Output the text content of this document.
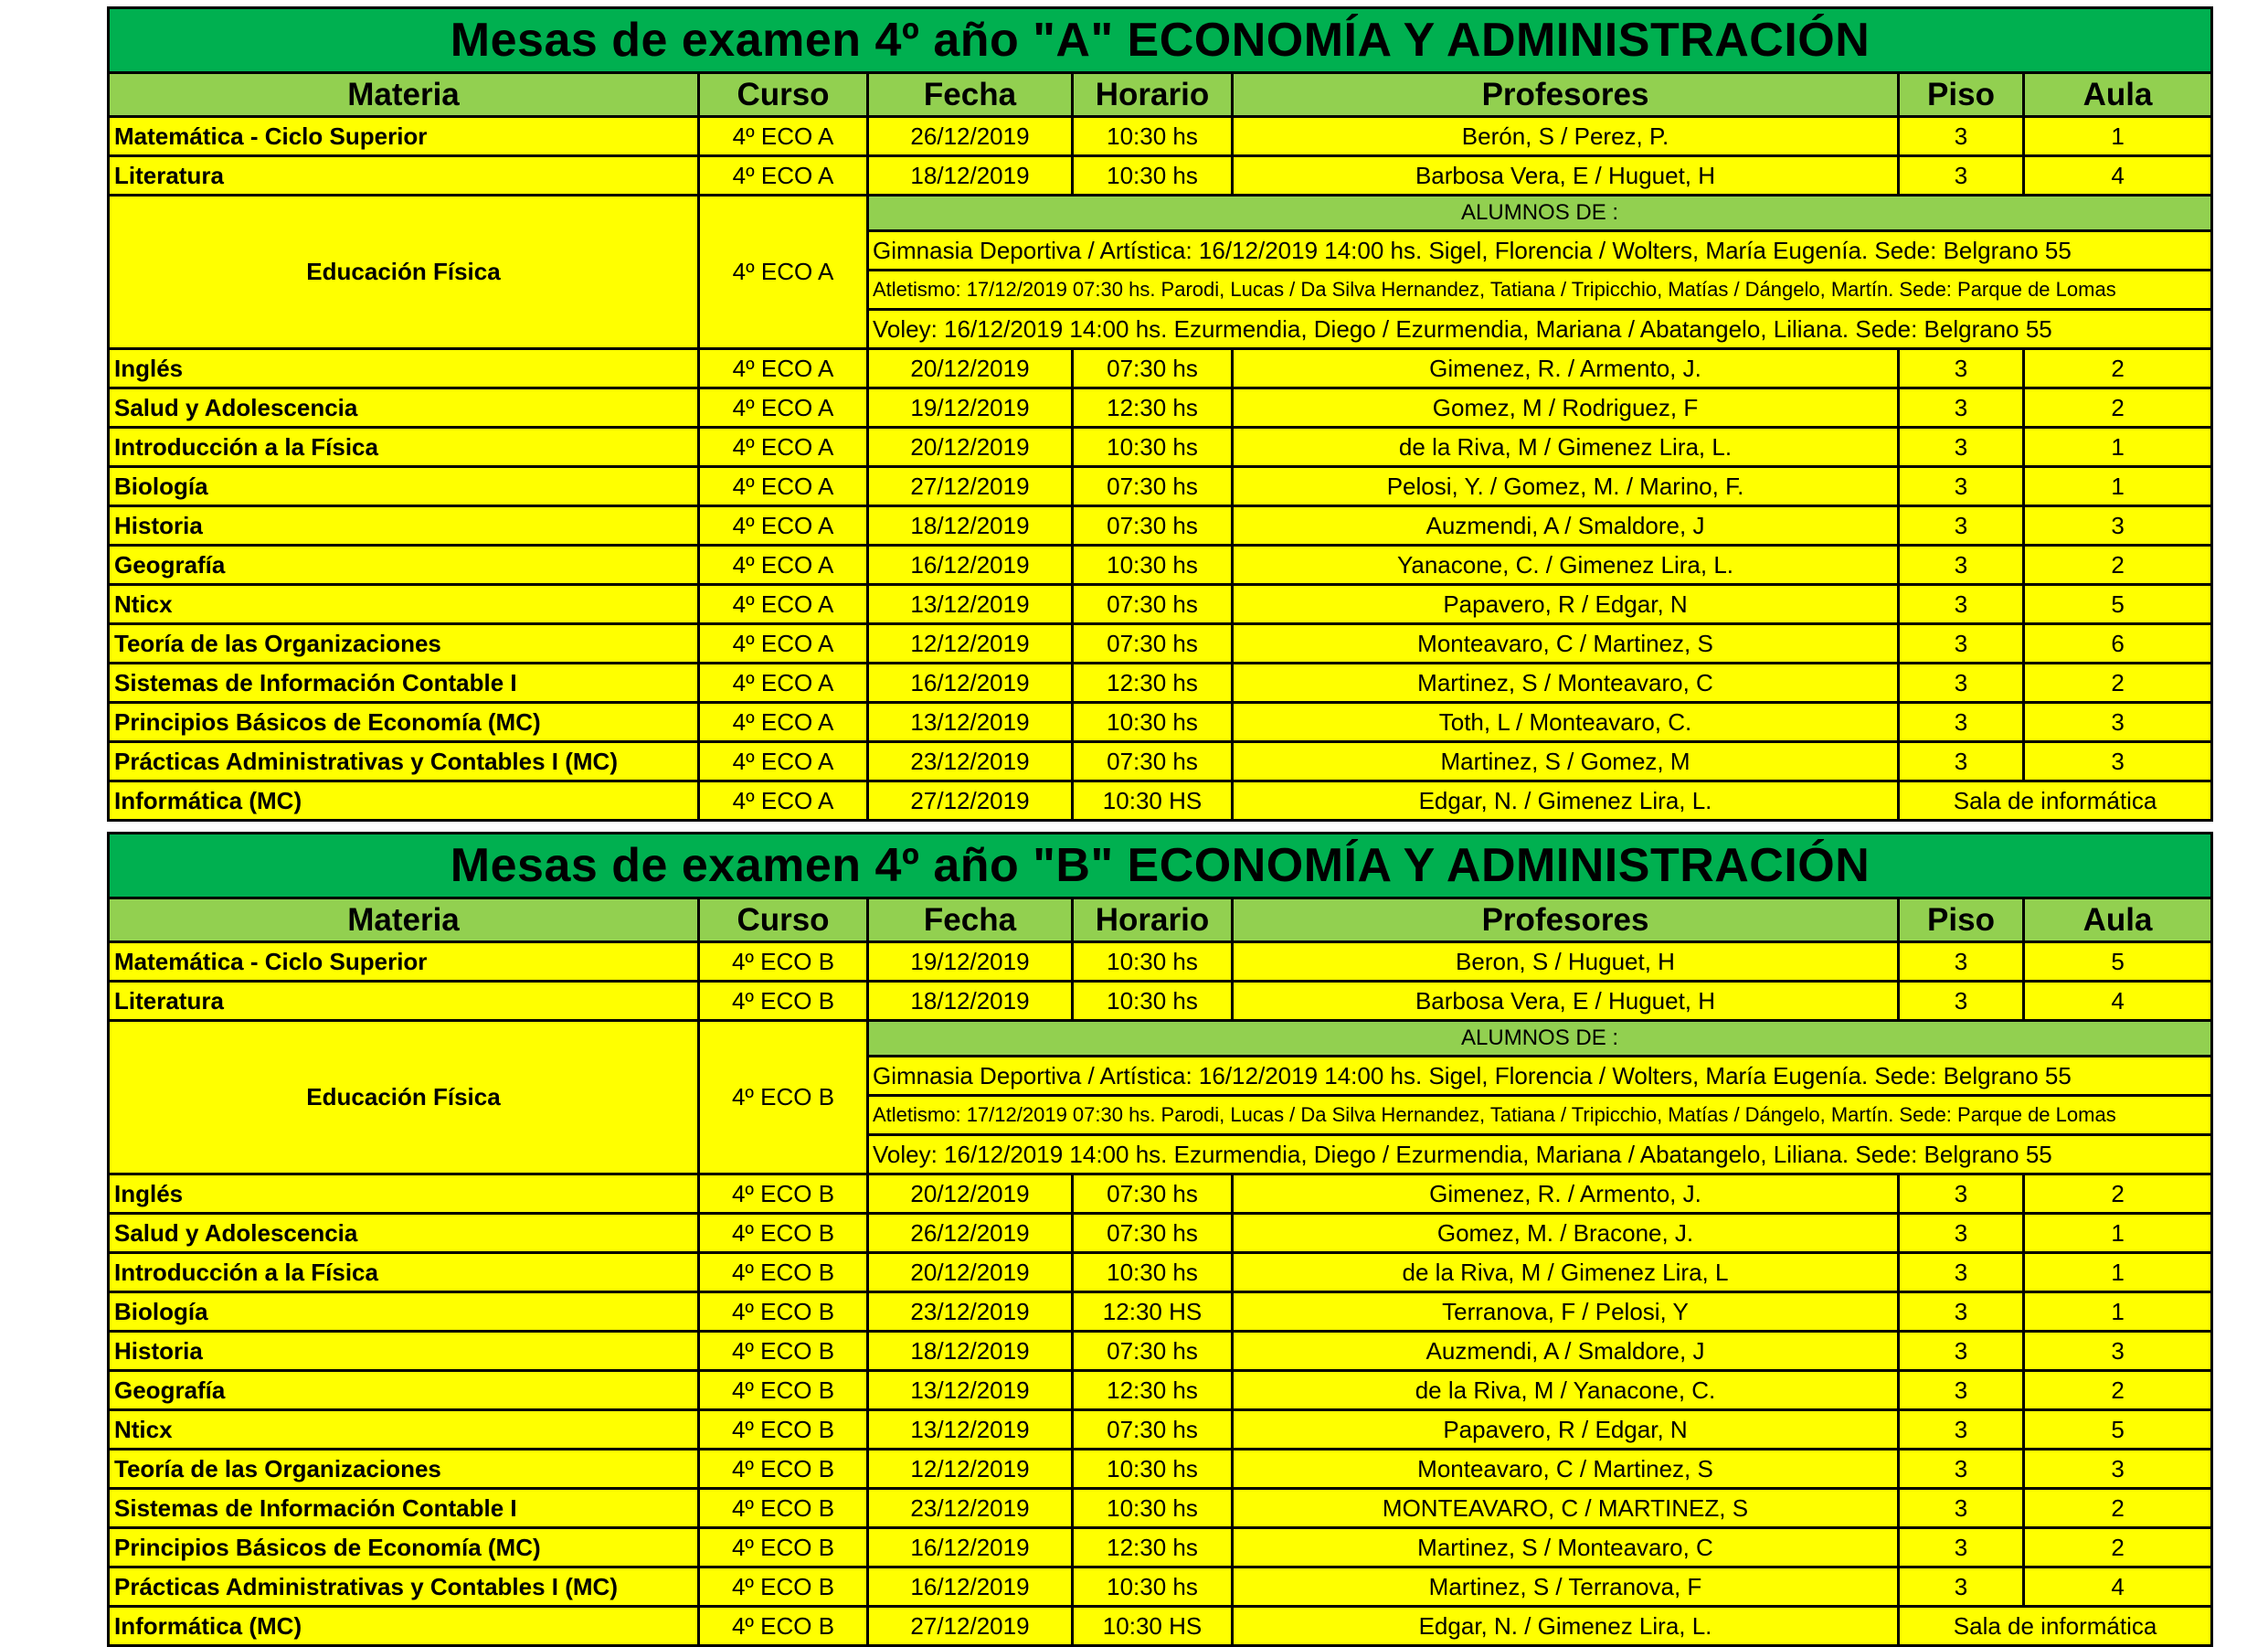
Mesas de examen 4º año "A" ECONOMÍA Y ADMINISTRACIÓN						
Materia	Curso	Fecha	Horario	Profesores	Piso	Aula
Matemática - Ciclo Superior	4º ECO A	26/12/2019	10:30 hs	Berón, S / Perez, P.	3	1
Literatura	4º ECO A	18/12/2019	10:30 hs	Barbosa Vera, E / Huguet, H	3	4
Educación Física	4º ECO A	ALUMNOS DE :				
		Gimnasia Deportiva / Artística: 16/12/2019 14:00 hs. Sigel, Florencia / Wolters, María Eugenía. Sede: Belgrano 55				
		Atletismo: 17/12/2019 07:30 hs. Parodi, Lucas / Da Silva Hernandez, Tatiana / Tripicchio, Matías / Dángelo, Martín. Sede: Parque de Lomas				
		Voley: 16/12/2019 14:00 hs. Ezurmendia, Diego / Ezurmendia, Mariana / Abatangelo, Liliana. Sede: Belgrano 55				
Inglés	4º ECO A	20/12/2019	07:30 hs	Gimenez, R. / Armento, J.	3	2
Salud y Adolescencia	4º ECO A	19/12/2019	12:30 hs	Gomez, M / Rodriguez, F	3	2
Introducción a la Física	4º ECO A	20/12/2019	10:30 hs	de la Riva, M / Gimenez Lira, L.	3	1
Biología	4º ECO A	27/12/2019	07:30 hs	Pelosi, Y. / Gomez, M. / Marino, F.	3	1
Historia	4º ECO A	18/12/2019	07:30 hs	Auzmendi, A / Smaldore, J	3	3
Geografía	4º ECO A	16/12/2019	10:30 hs	Yanacone, C. / Gimenez Lira, L.	3	2
Nticx	4º ECO A	13/12/2019	07:30 hs	Papavero, R / Edgar, N	3	5
Teoría de las Organizaciones	4º ECO A	12/12/2019	07:30 hs	Monteavaro, C / Martinez, S	3	6
Sistemas de Información Contable I	4º ECO A	16/12/2019	12:30 hs	Martinez, S / Monteavaro, C	3	2
Principios Básicos de Economía (MC)	4º ECO A	13/12/2019	10:30 hs	Toth, L / Monteavaro, C.	3	3
Prácticas Administrativas y Contables I (MC)	4º ECO A	23/12/2019	07:30 hs	Martinez, S / Gomez, M	3	3
Informática (MC)	4º ECO A	27/12/2019	10:30 HS	Edgar, N. / Gimenez Lira, L.	Sala de informática	
Mesas de examen 4º año "B" ECONOMÍA Y ADMINISTRACIÓN						
Materia	Curso	Fecha	Horario	Profesores	Piso	Aula
Matemática - Ciclo Superior	4º ECO B	19/12/2019	10:30 hs	Beron, S / Huguet, H	3	5
Literatura	4º ECO B	18/12/2019	10:30 hs	Barbosa Vera, E / Huguet, H	3	4
Educación Física	4º ECO B	ALUMNOS DE :				
		Gimnasia Deportiva / Artística: 16/12/2019 14:00 hs. Sigel, Florencia / Wolters, María Eugenía. Sede: Belgrano 55				
		Atletismo: 17/12/2019 07:30 hs. Parodi, Lucas / Da Silva Hernandez, Tatiana / Tripicchio, Matías / Dángelo, Martín. Sede: Parque de Lomas				
		Voley: 16/12/2019 14:00 hs. Ezurmendia, Diego / Ezurmendia, Mariana / Abatangelo, Liliana. Sede: Belgrano 55				
Inglés	4º ECO B	20/12/2019	07:30 hs	Gimenez, R. / Armento, J.	3	2
Salud y Adolescencia	4º ECO B	26/12/2019	07:30 hs	Gomez, M. / Bracone, J.	3	1
Introducción a la Física	4º ECO B	20/12/2019	10:30 hs	de la Riva, M / Gimenez Lira, L	3	1
Biología	4º ECO B	23/12/2019	12:30 HS	Terranova, F / Pelosi, Y	3	1
Historia	4º ECO B	18/12/2019	07:30 hs	Auzmendi, A / Smaldore, J	3	3
Geografía	4º ECO B	13/12/2019	12:30 hs	de la Riva, M / Yanacone, C.	3	2
Nticx	4º ECO B	13/12/2019	07:30 hs	Papavero, R / Edgar, N	3	5
Teoría de las Organizaciones	4º ECO B	12/12/2019	10:30 hs	Monteavaro, C / Martinez, S	3	3
Sistemas de Información Contable I	4º ECO B	23/12/2019	10:30 hs	MONTEAVARO, C / MARTINEZ, S	3	2
Principios Básicos de Economía (MC)	4º ECO B	16/12/2019	12:30 hs	Martinez, S / Monteavaro, C	3	2
Prácticas Administrativas y Contables I (MC)	4º ECO B	16/12/2019	10:30 hs	Martinez, S / Terranova, F	3	4
Informática (MC)	4º ECO B	27/12/2019	10:30 HS	Edgar, N. / Gimenez Lira, L.	Sala de informática	
